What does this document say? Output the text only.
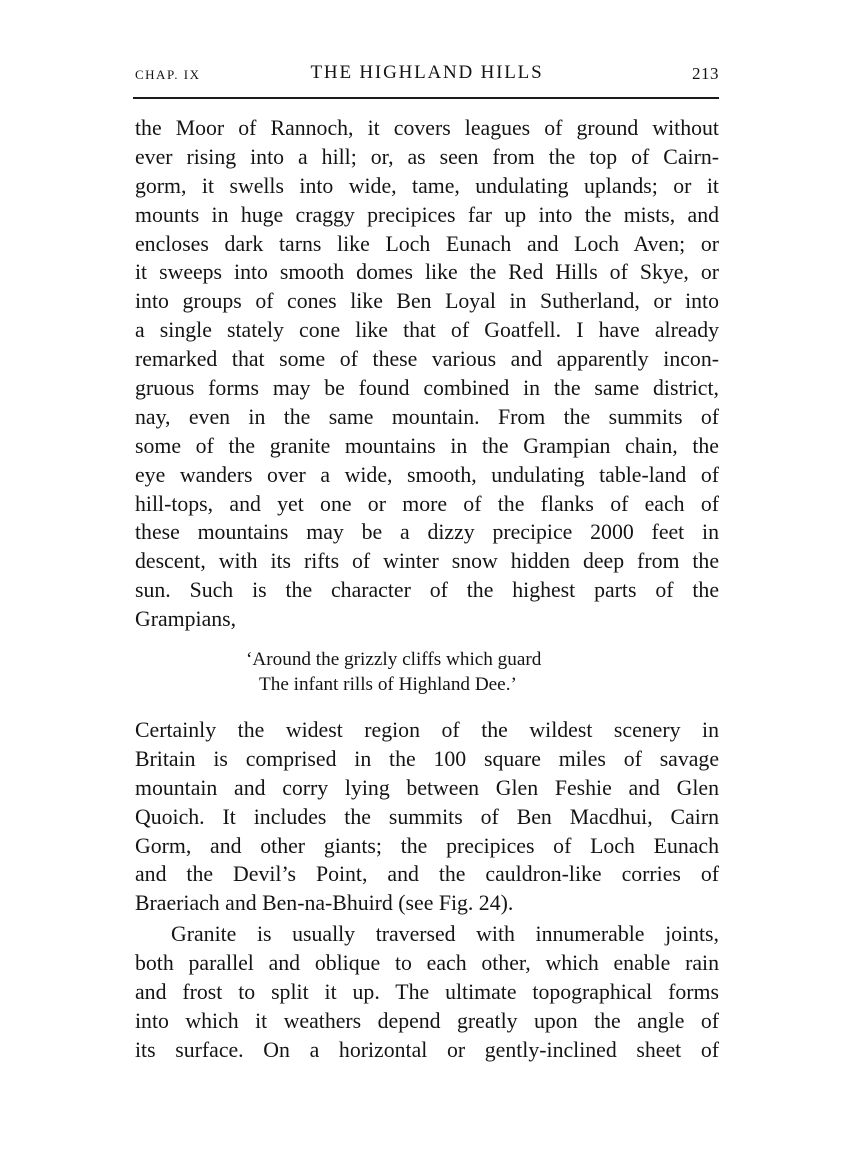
CHAP. IX	THE HIGHLAND HILLS	213
the Moor of Rannoch, it covers leagues of ground without
ever rising into a hill; or, as seen from the top of Cairn-
gorm, it swells into wide, tame, undulating uplands; or it
mounts in huge craggy precipices far up into the mists, and
encloses dark tarns like Loch Eunach and Loch Aven; or
it sweeps into smooth domes like the Red Hills of Skye, or
into groups of cones like Ben Loyal in Sutherland, or into
a single stately cone like that of Goatfell. I have already
remarked that some of these various and apparently incon-
gruous forms may be found combined in the same district,
nay, even in the same mountain. From the summits of
some of the granite mountains in the Grampian chain, the
eye wanders over a wide, smooth, undulating table-land of
hill-tops, and yet one or more of the flanks of each of
these mountains may be a dizzy precipice 2000 feet in
descent, with its rifts of winter snow hidden deep from the
sun. Such is the character of the highest parts of the
Grampians,
‘Around the grizzly cliffs which guard
The infant rills of Highland Dee.’
Certainly the widest region of the wildest scenery in
Britain is comprised in the 100 square miles of savage
mountain and corry lying between Glen Feshie and Glen
Quoich. It includes the summits of Ben Macdhui, Cairn
Gorm, and other giants; the precipices of Loch Eunach
and the Devil’s Point, and the cauldron-like corries of
Braeriach and Ben-na-Bhuird (see Fig. 24).
Granite is usually traversed with innumerable joints,
both parallel and oblique to each other, which enable rain
and frost to split it up. The ultimate topographical forms
into which it weathers depend greatly upon the angle of
its surface. On a horizontal or gently-inclined sheet of
